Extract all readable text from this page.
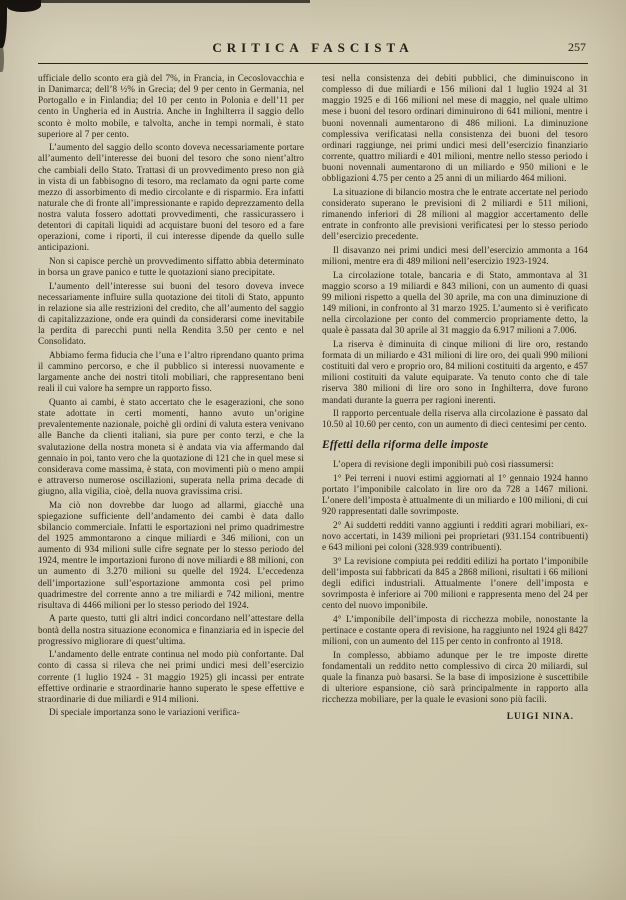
CRITICA FASCISTA	257

ufficiale dello sconto era già del 7%, in Francia, in Cecoslovacchia e in Danimarca; dell’8 ½% in Grecia; del 9 per cento in Germania, nel Portogallo e in Finlandia; del 10 per cento in Polonia e dell’11 per cento in Ungheria ed in Austria. Anche in Inghilterra il saggio dello sconto è molto mobile, e talvolta, anche in tempi normali, è stato superiore al 7 per cento.

L’aumento del saggio dello sconto doveva necessariamente portare all’aumento dell’interesse dei buoni del tesoro che sono nient’altro che cambiali dello Stato. Trattasi di un provvedimento preso non già in vista di un fabbisogno di tesoro, ma reclamato da ogni parte come mezzo di assorbimento di medio circolante e di risparmio. Era infatti naturale che di fronte all’impressionante e rapido deprezzamento della nostra valuta fossero adottati provvedimenti, che rassicurassero i detentori di capitali liquidi ad acquistare buoni del tesoro ed a fare operazioni, come i riporti, il cui interesse dipende da quello sulle anticipazioni.

Non si capisce perchè un provvedimento siffatto abbia determinato in borsa un grave panico e tutte le quotazioni siano precipitate.

L’aumento dell’interesse sui buoni del tesoro doveva invece necessariamente influire sulla quotazione dei titoli di Stato, appunto in relazione sia alle restrizioni del credito, che all’aumento del saggio di capitalizzazione, onde era quindi da considerarsi come inevitabile la perdita di parecchi punti nella Rendita 3.50 per cento e nel Consolidato.

Abbiamo ferma fiducia che l’una e l’altro riprendano quanto prima il cammino percorso, e che il pubblico si interessi nuovamente e largamente anche dei nostri titoli mobiliari, che rappresentano beni reali il cui valore ha sempre un rapporto fisso.

Quanto ai cambi, è stato accertato che le esagerazioni, che sono state adottate in certi momenti, hanno avuto un’origine prevalentemente nazionale, poichè gli ordini di valuta estera venivano alle Banche da clienti italiani, sia pure per conto terzi, e che la svalutazione della nostra moneta si è andata via via affermando dal gennaio in poi, tanto vero che la quotazione di 121 che in quel mese si considerava come massima, è stata, con movimenti più o meno ampii e attraverso numerose oscillazioni, superata nella prima decade di giugno, alla vigilia, cioè, della nuova gravissima crisi.

Ma ciò non dovrebbe dar luogo ad allarmi, giacchè una spiegazione sufficiente dell’andamento dei cambi è data dallo sbilancio commerciale. Infatti le esportazioni nel primo quadrimestre del 1925 ammontarono a cinque miliardi e 346 milioni, con un aumento di 934 milioni sulle cifre segnate per lo stesso periodo del 1924, mentre le importazioni furono di nove miliardi e 88 milioni, con un aumento di 3.270 milioni su quelle del 1924. L’eccedenza dell’importazione sull’esportazione ammonta così pel primo quadrimestre del corrente anno a tre miliardi e 742 milioni, mentre risultava di 4466 milioni per lo stesso periodo del 1924.

A parte questo, tutti gli altri indici concordano nell’attestare della bontà della nostra situazione economica e finanziaria ed in ispecie del progressivo migliorare di quest’ultima.

L’andamento delle entrate continua nel modo più confortante. Dal conto di cassa si rileva che nei primi undici mesi dell’esercizio corrente (1 luglio 1924 - 31 maggio 1925) gli incassi per entrate effettive ordinarie e straordinarie hanno superato le spese effettive e straordinarie di due miliardi e 914 milioni.

Di speciale importanza sono le variazioni verifica-

tesi nella consistenza dei debiti pubblici, che diminuiscono in complesso di due miliardi e 156 milioni dal 1 luglio 1924 al 31 maggio 1925 e di 166 milioni nel mese di maggio, nel quale ultimo mese i buoni del tesoro ordinari diminuirono di 641 milioni, mentre i buoni novennali aumentarono di 486 milioni. La diminuzione complessiva verificatasi nella consistenza dei buoni del tesoro ordinari raggiunge, nei primi undici mesi dell’esercizio finanziario corrente, quattro miliardi e 401 milioni, mentre nello stesso periodo i buoni novennali aumentarono di un miliardo e 950 milioni e le obbligazioni 4.75 per cento a 25 anni di un miliardo 464 milioni.

La situazione di bilancio mostra che le entrate accertate nel periodo considerato superano le previsioni di 2 miliardi e 511 milioni, rimanendo inferiori di 28 milioni al maggior accertamento delle entrate in confronto alle previsioni verificatesi per lo stesso periodo dell’esercizio precedente.

Il disavanzo nei primi undici mesi dell’esercizio ammonta a 164 milioni, mentre era di 489 milioni nell’esercizio 1923-1924.

La circolazione totale, bancaria e di Stato, ammontava al 31 maggio scorso a 19 miliardi e 843 milioni, con un aumento di quasi 99 milioni rispetto a quella del 30 aprile, ma con una diminuzione di 149 milioni, in confronto al 31 marzo 1925. L’aumento si è verificato nella circolazione per conto del commercio propriamente detto, la quale è passata dal 30 aprile al 31 maggio da 6.917 milioni a 7.006.

La riserva è diminuita di cinque milioni di lire oro, restando formata di un miliardo e 431 milioni di lire oro, dei quali 990 milioni costituiti dal vero e proprio oro, 84 milioni costituiti da argento, e 457 milioni costituiti da valute equiparate. Va tenuto conto che di tale riserva 380 milioni di lire oro sono in Inghilterra, dove furono mandati durante la guerra per ragioni inerenti.

Il rapporto percentuale della riserva alla circolazione è passato dal 10.50 al 10.60 per cento, con un aumento di dieci centesimi per cento.

Effetti della riforma delle imposte

L’opera di revisione degli imponibili può così riassumersi:

1° Pei terreni i nuovi estimi aggiornati al 1° gennaio 1924 hanno portato l’imponibile calcolato in lire oro da 728 a 1467 milioni. L’onere dell’imposta è attualmente di un miliardo e 100 milioni, di cui 920 rappresentati dalle sovrimposte.

2° Ai suddetti redditi vanno aggiunti i redditi agrari mobiliari, ex-novo accertati, in 1439 milioni pei proprietari (931.154 contribuenti) e 643 milioni pei coloni (328.939 contribuenti).

3° La revisione compiuta pei redditi edilizi ha portato l’imponibile dell’imposta sui fabbricati da 845 a 2868 milioni, risultati i 66 milioni degli edifici industriali. Attualmente l’onere dell’imposta e sovrimposta è inferiore ai 700 milioni e rappresenta meno del 24 per cento del nuovo imponibile.

4° L’imponibile dell’imposta di ricchezza mobile, nonostante la pertinace e costante opera di revisione, ha raggiunto nel 1924 gli 8427 milioni, con un aumento del 115 per cento in confronto al 1918.

In complesso, abbiamo adunque per le tre imposte dirette fondamentali un reddito netto complessivo di circa 20 miliardi, sul quale la finanza può basarsi. Se la base di imposizione è suscettibile di ulteriore espansione, ciò sarà principalmente in rapporto alla ricchezza mobiliare, per la quale le evasioni sono più facili.

LUIGI NINA.
